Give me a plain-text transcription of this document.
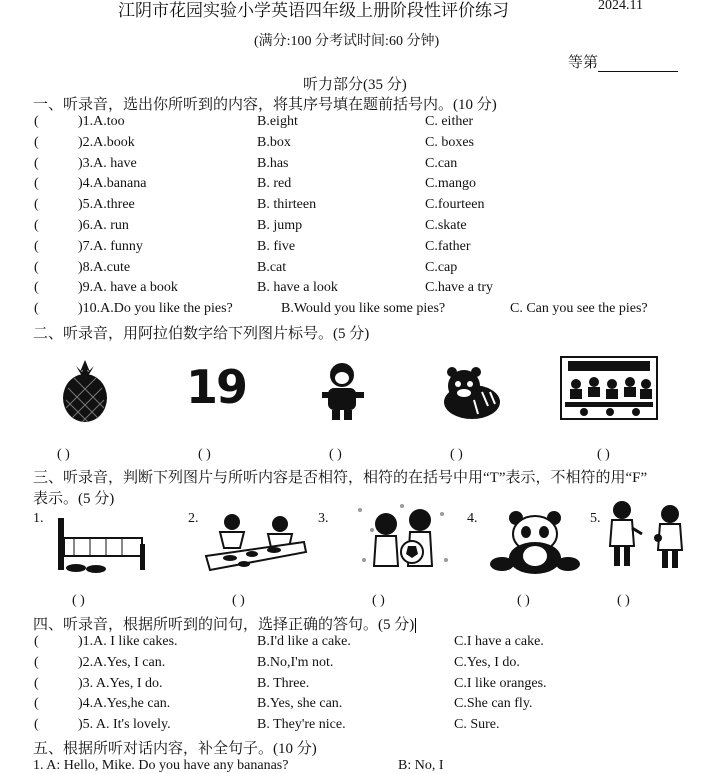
江阴市花园实验小学英语四年级上册阶段性评价练习	2024.11
(满分:100 分考试时间:60 分钟)
等第
听力部分(35 分)
一、听录音，选出你所听到的内容，将其序号填在题前括号内。(10 分)
(	)1.A.too	B.eight	C. either
(	)2.A.book	B.box	C. boxes
(	)3.A. have	B.has	C.can
(	)4.A.banana	B. red	C.mango
(	)5.A.three	B. thirteen	C.fourteen
(	)6.A. run	B. jump	C.skate
(	)7.A. funny	B. five	C.father
(	)8.A.cute	B.cat	C.cap
(	)9.A. have a book	B. have a look	C.have a try
(	)10.A.Do you like the pies?	B.Would you like some pies?	C. Can you see the pies?
二、听录音，用阿拉伯数字给下列图片标号。(5 分)
19
( )	( )	( )	( )	( )
三、听录音，判断下列图片与所听内容是否相符，相符的在括号中用“T”表示，不相符的用“F”
表示。(5 分)
1.	2.	3.	4.	5.
( )	( )	( )	( )	( )
四、听录音，根据所听到的问句，选择正确的答句。(5 分)
(	)1.A. I like cakes.	B.I'd like a cake.	C.I have a cake.
(	)2.A.Yes, I can.	B.No,I'm not.	C.Yes, I do.
(	)3. A.Yes, I do.	B. Three.	C.I like oranges.
(	)4.A.Yes,he can.	B.Yes, she can.	C.She can fly.
(	)5. A. It's lovely.	B. They're nice.	C. Sure.
五、根据所听对话内容，补全句子。(10 分)
1. A: Hello, Mike. Do you have any bananas?	B: No, I
